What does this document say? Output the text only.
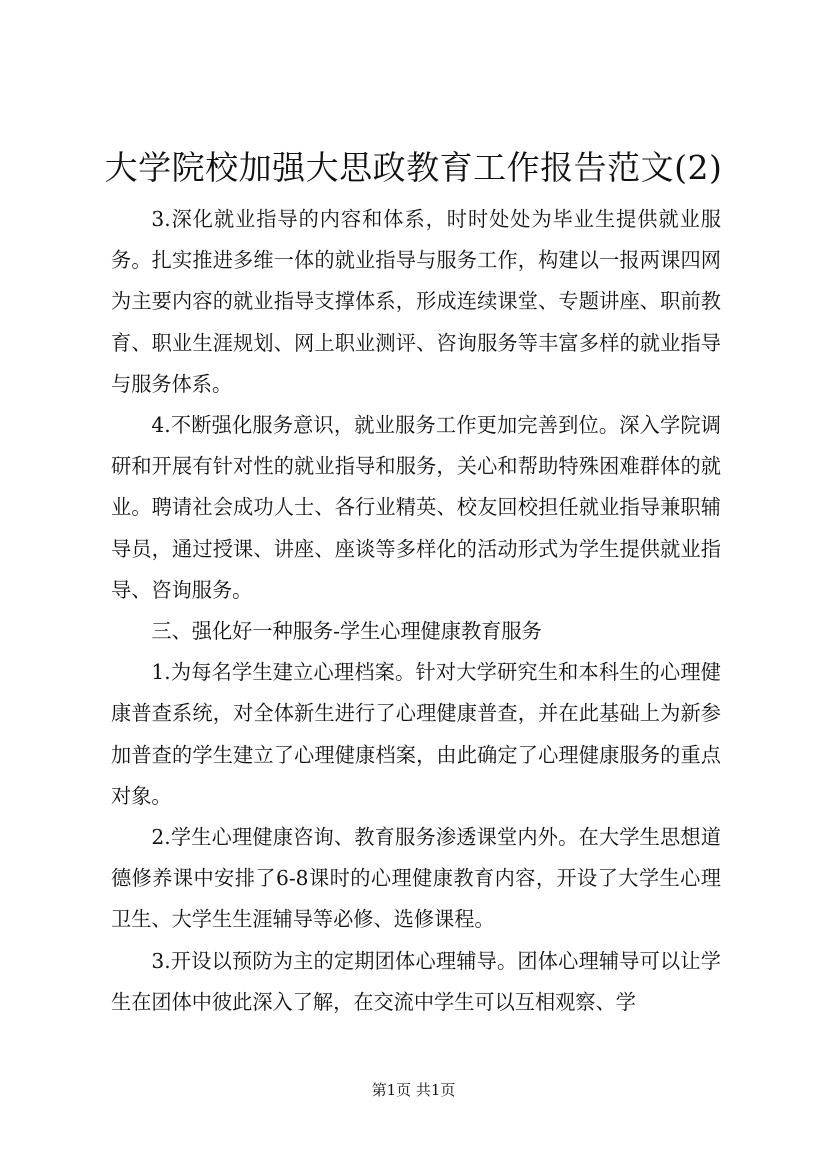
大学院校加强大思政教育工作报告范文(2)

3.深化就业指导的内容和体系，时时处处为毕业生提供就业服务。扎实推进多维一体的就业指导与服务工作，构建以一报两课四网为主要内容的就业指导支撑体系，形成连续课堂、专题讲座、职前教育、职业生涯规划、网上职业测评、咨询服务等丰富多样的就业指导与服务体系。

4.不断强化服务意识，就业服务工作更加完善到位。深入学院调研和开展有针对性的就业指导和服务，关心和帮助特殊困难群体的就业。聘请社会成功人士、各行业精英、校友回校担任就业指导兼职辅导员，通过授课、讲座、座谈等多样化的活动形式为学生提供就业指导、咨询服务。

三、强化好一种服务-学生心理健康教育服务

1.为每名学生建立心理档案。针对大学研究生和本科生的心理健康普查系统，对全体新生进行了心理健康普查，并在此基础上为新参加普查的学生建立了心理健康档案，由此确定了心理健康服务的重点对象。

2.学生心理健康咨询、教育服务渗透课堂内外。在大学生思想道德修养课中安排了6-8课时的心理健康教育内容，开设了大学生心理卫生、大学生生涯辅导等必修、选修课程。

3.开设以预防为主的定期团体心理辅导。团体心理辅导可以让学生在团体中彼此深入了解，在交流中学生可以互相观察、学

第1页 共1页
